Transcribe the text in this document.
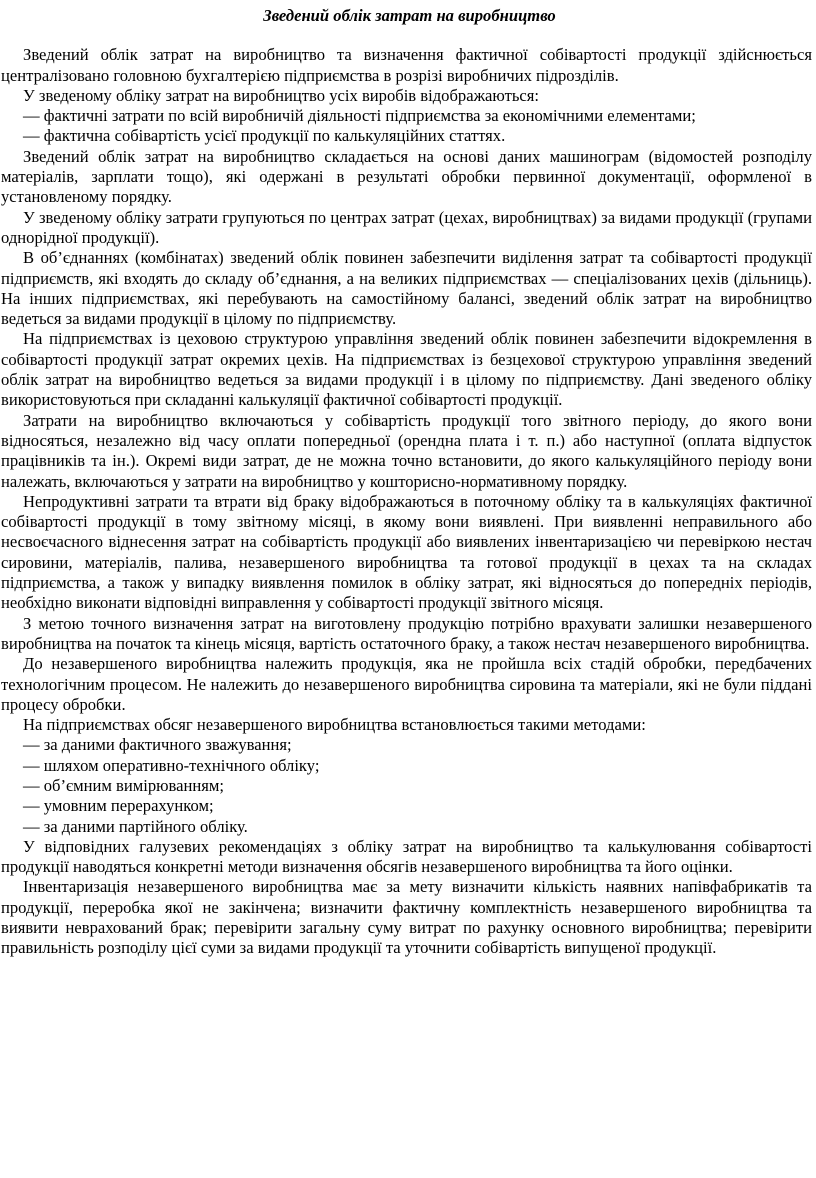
Зведений облік затрат на виробництво

Зведений облік затрат на виробництво та визначення фактичної собівартості продукції здійснюється централізовано головною бухгалтерією підприємства в розрізі виробничих підрозділів.

У зведеному обліку затрат на виробництво усіх виробів відображаються:

— фактичні затрати по всій виробничій діяльності підприємства за економічними елементами;

— фактична собівартість усієї продукції по калькуляційних статтях.

Зведений облік затрат на виробництво складається на основі даних машинограм (відомостей розподілу матеріалів, зарплати тощо), які одержані в результаті обробки первинної документації, оформленої в установленому порядку.

У зведеному обліку затрати групуються по центрах затрат (цехах, виробництвах) за видами продукції (групами однорідної продукції).

В об’єднаннях (комбінатах) зведений облік повинен забезпечити виділення затрат та собівартості продукції підприємств, які входять до складу об’єднання, а на великих підприємствах — спеціалізованих цехів (дільниць). На інших підприємствах, які перебувають на самостійному балансі, зведений облік затрат на виробництво ведеться за видами продукції в цілому по підприємству.

На підприємствах із цеховою структурою управління зведений облік повинен забезпечити відокремлення в собівартості продукції затрат окремих цехів. На підприємствах із безцехової структурою управління зведений облік затрат на виробництво ведеться за видами продукції і в цілому по підприємству. Дані зведеного обліку використовуються при складанні калькуляції фактичної собівартості продукції.

Затрати на виробництво включаються у собівартість продукції того звітного періоду, до якого вони відносяться, незалежно від часу оплати попередньої (орендна плата і т. п.) або наступної (оплата відпусток працівників та ін.). Окремі види затрат, де не можна точно встановити, до якого калькуляційного періоду вони належать, включаються у затрати на виробництво у кошторисно-нормативному порядку.

Непродуктивні затрати та втрати від браку відображаються в поточному обліку та в калькуляціях фактичної собівартості продукції в тому звітному місяці, в якому вони виявлені. При виявленні неправильного або несвоєчасного віднесення затрат на собівартість продукції або виявлених інвентаризацією чи перевіркою нестач сировини, матеріалів, палива, незавершеного виробництва та готової продукції в цехах та на складах підприємства, а також у випадку виявлення помилок в обліку затрат, які відносяться до попередніх періодів, необхідно виконати відповідні виправлення у собівартості продукції звітного місяця.

З метою точного визначення затрат на виготовлену продукцію потрібно врахувати залишки незавершеного виробництва на початок та кінець місяця, вартість остаточного браку, а також нестач незавершеного виробництва.

До незавершеного виробництва належить продукція, яка не пройшла всіх стадій обробки, передбачених технологічним процесом. Не належить до незавершеного виробництва сировина та матеріали, які не були піддані процесу обробки.

На підприємствах обсяг незавершеного виробництва встановлюється такими методами:

— за даними фактичного зважування;

— шляхом оперативно-технічного обліку;

— об’ємним вимірюванням;

— умовним перерахунком;

— за даними партійного обліку.

У відповідних галузевих рекомендаціях з обліку затрат на виробництво та калькулювання собівартості продукції наводяться конкретні методи визначення обсягів незавершеного виробництва та його оцінки.

Інвентаризація незавершеного виробництва має за мету визначити кількість наявних напівфабрикатів та продукції, переробка якої не закінчена; визначити фактичну комплектність незавершеного виробництва та виявити неврахований брак; перевірити загальну суму витрат по рахунку основного виробництва; перевірити правильність розподілу цієї суми за видами продукції та уточнити собівартість випущеної продукції.
